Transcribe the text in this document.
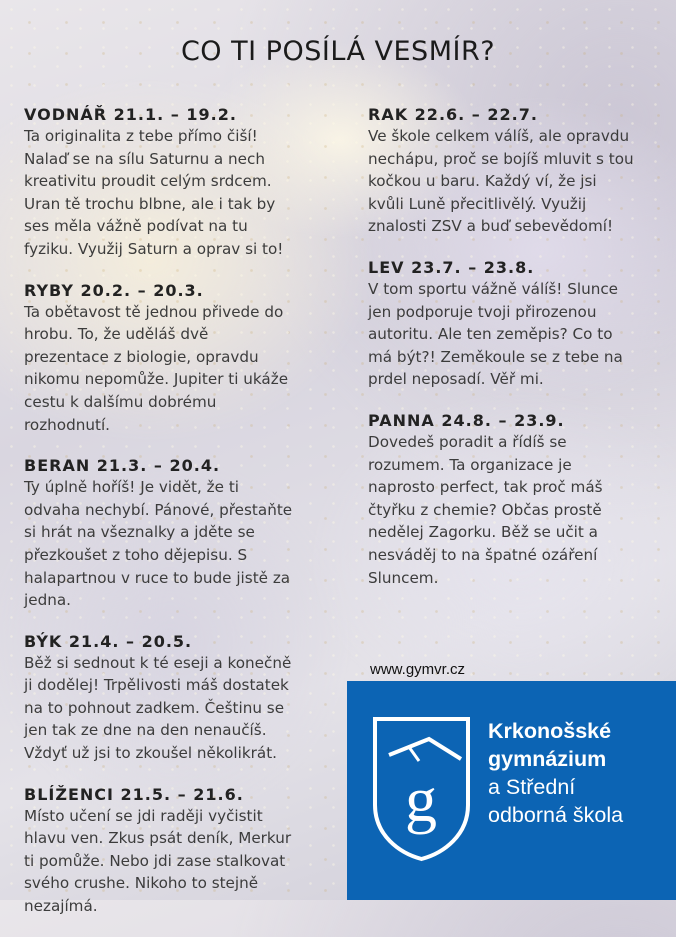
CO TI POSÍLÁ VESMÍR?
VODNÁŘ 21.1. – 19.2.

Ta originalita z tebe přímo čiší!
Nalaď se na sílu Saturnu a nech
kreativitu proudit celým srdcem.
Uran tě trochu blbne, ale i tak by
ses měla vážně podívat na tu
fyziku. Využij Saturn a oprav si to!

RYBY 20.2. – 20.3.

Ta obětavost tě jednou přivede do
hrobu. To, že uděláš dvě
prezentace z biologie, opravdu
nikomu nepomůže. Jupiter ti ukáže
cestu k dalšímu dobrému
rozhodnutí.

BERAN 21.3. – 20.4.

Ty úplně hoříš! Je vidět, že ti
odvaha nechybí. Pánové, přestaňte
si hrát na všeznalky a jděte se
přezkoušet z toho dějepisu. S
halapartnou v ruce to bude jistě za
jedna.

BÝK 21.4. – 20.5.

Běž si sednout k té eseji a konečně
ji dodělej! Trpělivosti máš dostatek
na to pohnout zadkem. Češtinu se
jen tak ze dne na den nenaučíš.
Vždyť už jsi to zkoušel několikrát.

BLÍŽENCI 21.5. – 21.6.

Místo učení se jdi raději vyčistit
hlavu ven. Zkus psát deník, Merkur
ti pomůže. Nebo jdi zase stalkovat
svého crushe. Nikoho to stejně
nezajímá.

RAK 22.6. – 22.7.

Ve škole celkem válíš, ale opravdu
nechápu, proč se bojíš mluvit s tou
kočkou u baru. Každý ví, že jsi
kvůli Luně přecitlivělý. Využij
znalosti ZSV a buď sebevědomí!

LEV 23.7. – 23.8.

V tom sportu vážně válíš! Slunce
jen podporuje tvoji přirozenou
autoritu. Ale ten zeměpis? Co to
má být?! Zeměkoule se z tebe na
prdel neposadí. Věř mi.

PANNA 24.8. – 23.9.

Dovedeš poradit a řídíš se
rozumem. Ta organizace je
naprosto perfect, tak proč máš
čtyřku z chemie? Občas prostě
nedělej Zagorku. Běž se učit a
nesváděj to na špatné ozáření
Sluncem.

www.gymvr.cz
g
Krkonošské
gymnázium
a Střední
odborná škola
